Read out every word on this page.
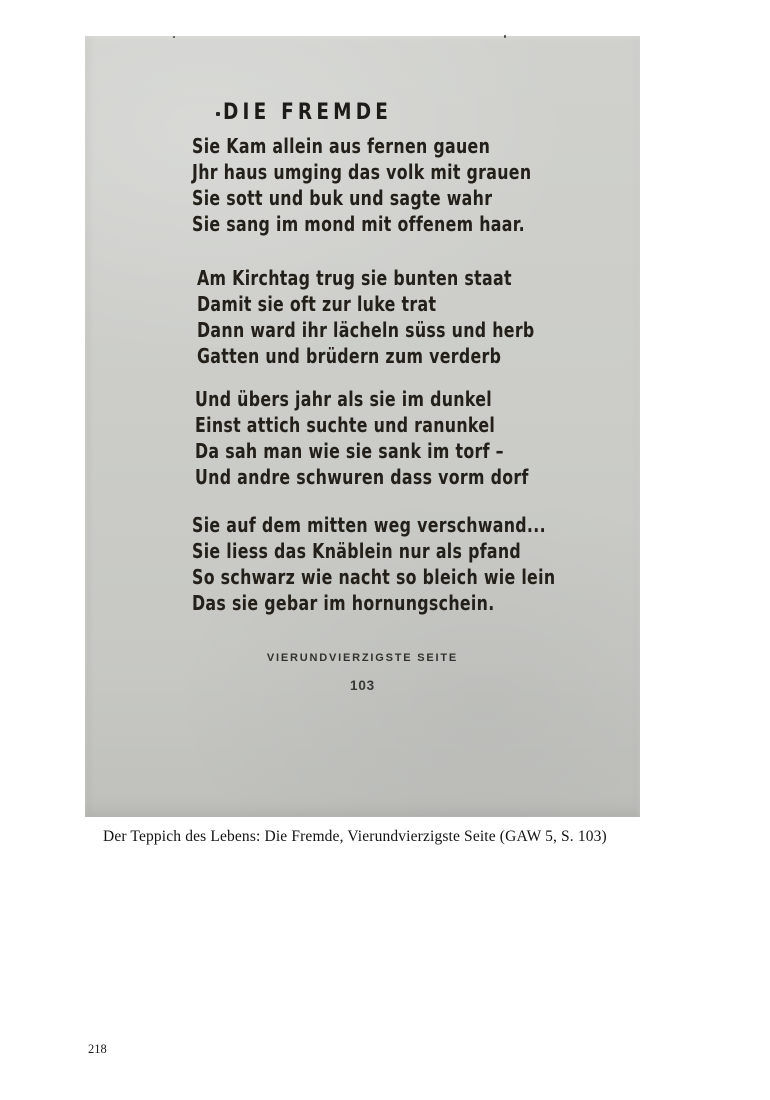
DIE FREMDE
Sie Kam allein aus fernen gauen
Jhr haus umging das volk mit grauen
Sie sott und buk und sagte wahr
Sie sang im mond mit offenem haar.
Am Kirchtag trug sie bunten staat
Damit sie oft zur luke trat
Dann ward ihr lächeln süss und herb
Gatten und brüdern zum verderb
Und übers jahr als sie im dunkel
Einst attich suchte und ranunkel
Da sah man wie sie sank im torf –
Und andre schwuren dass vorm dorf
Sie auf dem mitten weg verschwand...
Sie liess das Knäblein nur als pfand
So schwarz wie nacht so bleich wie lein
Das sie gebar im hornungschein.
VIERUNDVIERZIGSTE SEITE
103

Der Teppich des Lebens: Die Fremde, Vierundvierzigste Seite (GAW 5, S. 103)

218
